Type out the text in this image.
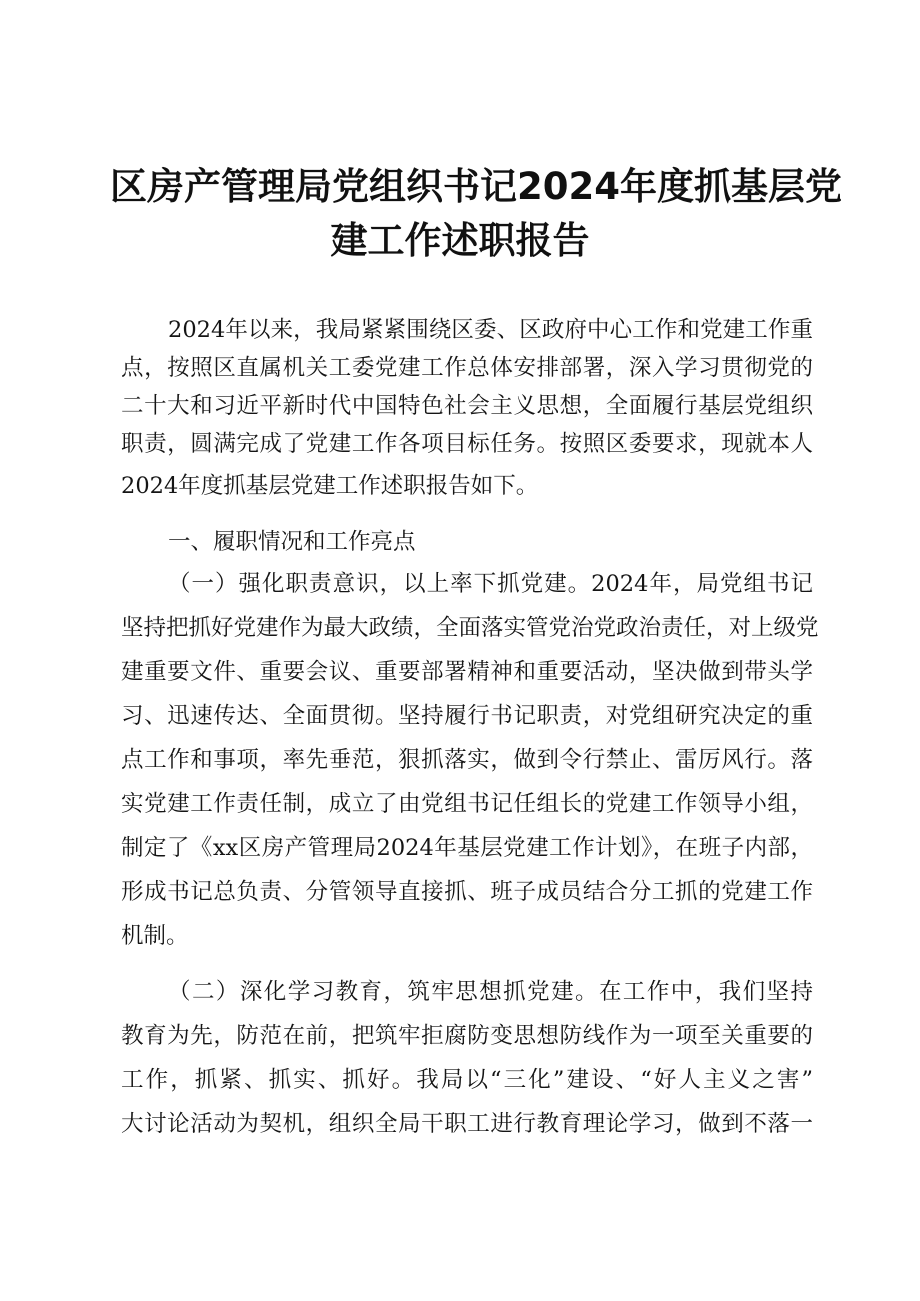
区房产管理局党组织书记2024年度抓基层党
建工作述职报告
2024年以来，我局紧紧围绕区委、区政府中心工作和党建工作重
点，按照区直属机关工委党建工作总体安排部署，深入学习贯彻党的
二十大和习近平新时代中国特色社会主义思想，全面履行基层党组织
职责，圆满完成了党建工作各项目标任务。按照区委要求，现就本人
2024年度抓基层党建工作述职报告如下。
一、履职情况和工作亮点
（一）强化职责意识，以上率下抓党建。2024年，局党组书记
坚持把抓好党建作为最大政绩，全面落实管党治党政治责任，对上级党
建重要文件、重要会议、重要部署精神和重要活动，坚决做到带头学
习、迅速传达、全面贯彻。坚持履行书记职责，对党组研究决定的重
点工作和事项，率先垂范，狠抓落实，做到令行禁止、雷厉风行。落
实党建工作责任制，成立了由党组书记任组长的党建工作领导小组，
制定了《xx区房产管理局2024年基层党建工作计划》，在班子内部，
形成书记总负责、分管领导直接抓、班子成员结合分工抓的党建工作
机制。
（二）深化学习教育，筑牢思想抓党建。在工作中，我们坚持
教育为先，防范在前，把筑牢拒腐防变思想防线作为一项至关重要的
工作，抓紧、抓实、抓好。我局以“三化”建设、“好人主义之害”
大讨论活动为契机，组织全局干职工进行教育理论学习，做到不落一
